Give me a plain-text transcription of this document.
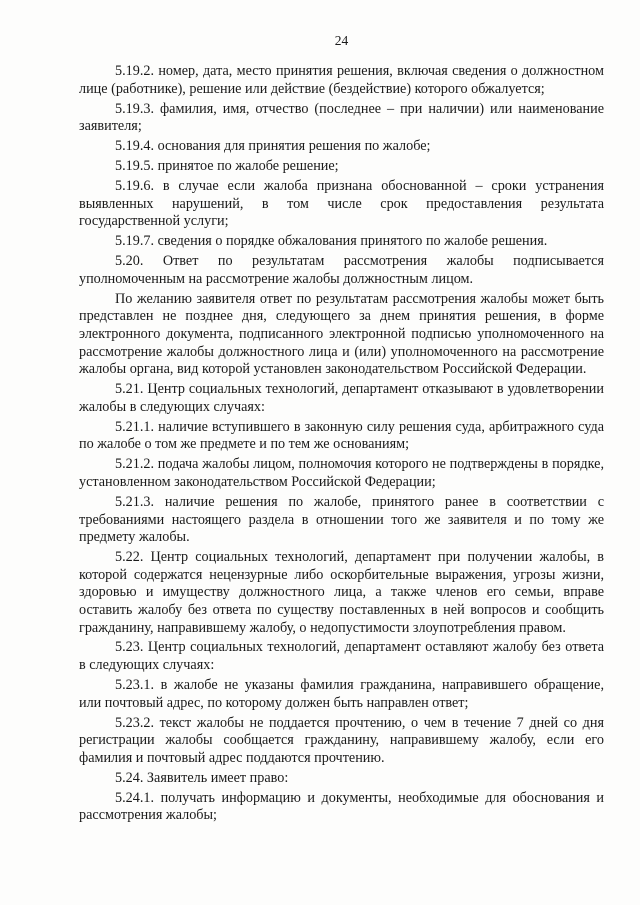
24

5.19.2. номер, дата, место принятия решения, включая сведения о должностном лице (работнике), решение или действие (бездействие) которого обжалуется;

5.19.3. фамилия, имя, отчество (последнее – при наличии) или наименование заявителя;

5.19.4. основания для принятия решения по жалобе;

5.19.5. принятое по жалобе решение;

5.19.6. в случае если жалоба признана обоснованной – сроки устранения выявленных нарушений, в том числе срок предоставления результата государственной услуги;

5.19.7. сведения о порядке обжалования принятого по жалобе решения.

5.20. Ответ по результатам рассмотрения жалобы подписывается уполномоченным на рассмотрение жалобы должностным лицом.

По желанию заявителя ответ по результатам рассмотрения жалобы может быть представлен не позднее дня, следующего за днем принятия решения, в форме электронного документа, подписанного электронной подписью уполномоченного на рассмотрение жалобы должностного лица и (или) уполномоченного на рассмотрение жалобы органа, вид которой установлен законодательством Российской Федерации.

5.21. Центр социальных технологий, департамент отказывают в удовлетворении жалобы в следующих случаях:

5.21.1. наличие вступившего в законную силу решения суда, арбитражного суда по жалобе о том же предмете и по тем же основаниям;

5.21.2. подача жалобы лицом, полномочия которого не подтверждены в порядке, установленном законодательством Российской Федерации;

5.21.3. наличие решения по жалобе, принятого ранее в соответствии с требованиями настоящего раздела в отношении того же заявителя и по тому же предмету жалобы.

5.22. Центр социальных технологий, департамент при получении жалобы, в которой содержатся нецензурные либо оскорбительные выражения, угрозы жизни, здоровью и имуществу должностного лица, а также членов его семьи, вправе оставить жалобу без ответа по существу поставленных в ней вопросов и сообщить гражданину, направившему жалобу, о недопустимости злоупотребления правом.

5.23. Центр социальных технологий, департамент оставляют жалобу без ответа в следующих случаях:

5.23.1. в жалобе не указаны фамилия гражданина, направившего обращение, или почтовый адрес, по которому должен быть направлен ответ;

5.23.2. текст жалобы не поддается прочтению, о чем в течение 7 дней со дня регистрации жалобы сообщается гражданину, направившему жалобу, если его фамилия и почтовый адрес поддаются прочтению.

5.24. Заявитель имеет право:

5.24.1. получать информацию и документы, необходимые для обоснования и рассмотрения жалобы;
